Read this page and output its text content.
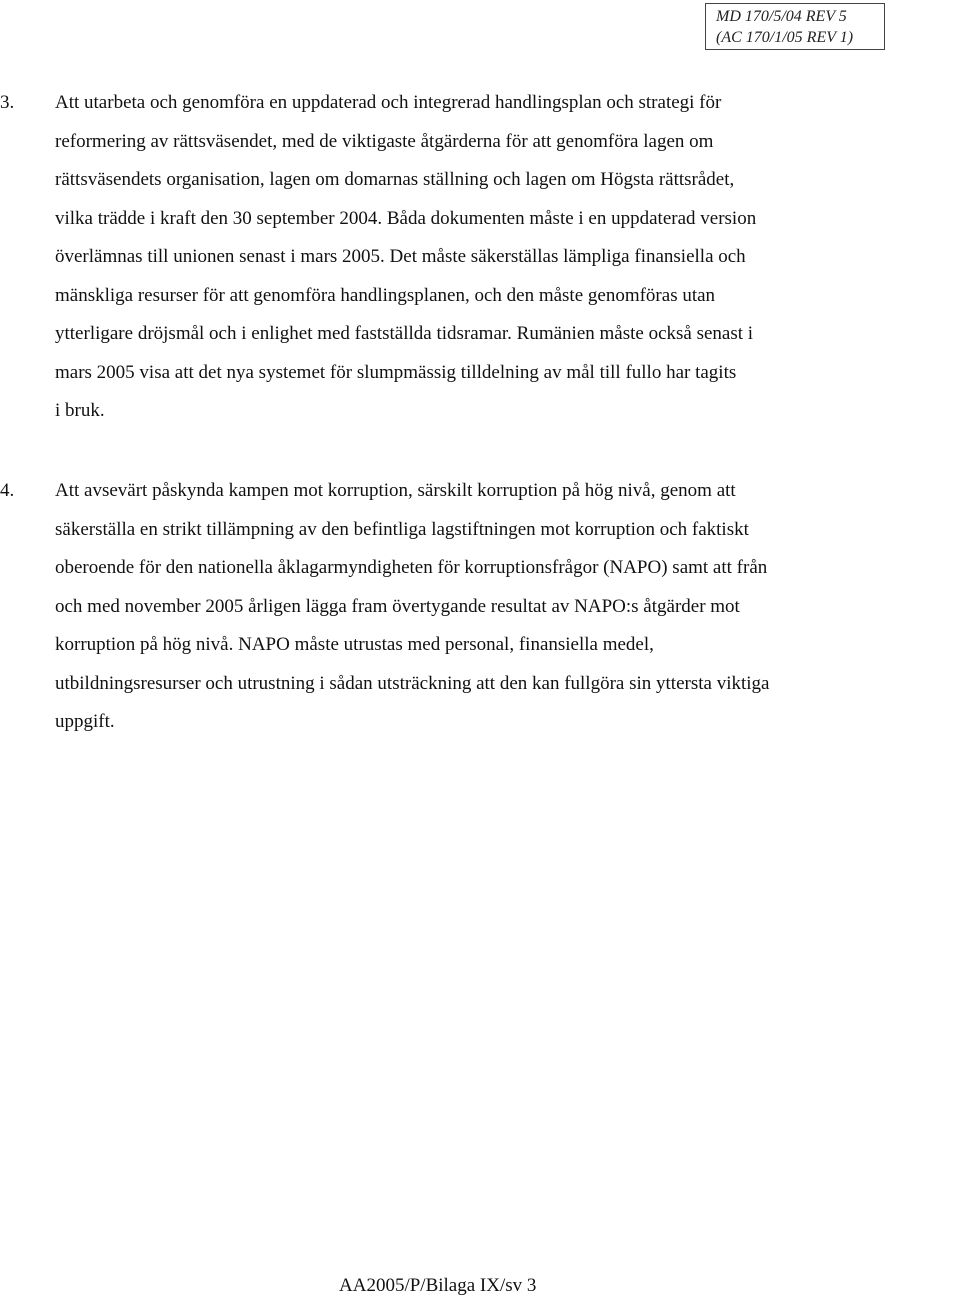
MD 170/5/04 REV 5
(AC 170/1/05 REV 1)
3. Att utarbeta och genomföra en uppdaterad och integrerad handlingsplan och strategi för
reformering av rättsväsendet, med de viktigaste åtgärderna för att genomföra lagen om
rättsväsendets organisation, lagen om domarnas ställning och lagen om Högsta rättsrådet,
vilka trädde i kraft den 30 september 2004. Båda dokumenten måste i en uppdaterad version
överlämnas till unionen senast i mars 2005. Det måste säkerställas lämpliga finansiella och
mänskliga resurser för att genomföra handlingsplanen, och den måste genomföras utan
ytterligare dröjsmål och i enlighet med fastställda tidsramar. Rumänien måste också senast i
mars 2005 visa att det nya systemet för slumpmässig tilldelning av mål till fullo har tagits
i bruk.
4. Att avsevärt påskynda kampen mot korruption, särskilt korruption på hög nivå, genom att
säkerställa en strikt tillämpning av den befintliga lagstiftningen mot korruption och faktiskt
oberoende för den nationella åklagarmyndigheten för korruptionsfrågor (NAPO) samt att från
och med november 2005 årligen lägga fram övertygande resultat av NAPO:s åtgärder mot
korruption på hög nivå. NAPO måste utrustas med personal, finansiella medel,
utbildningsresurser och utrustning i sådan utsträckning att den kan fullgöra sin yttersta viktiga
uppgift.
AA2005/P/Bilaga IX/sv 3
